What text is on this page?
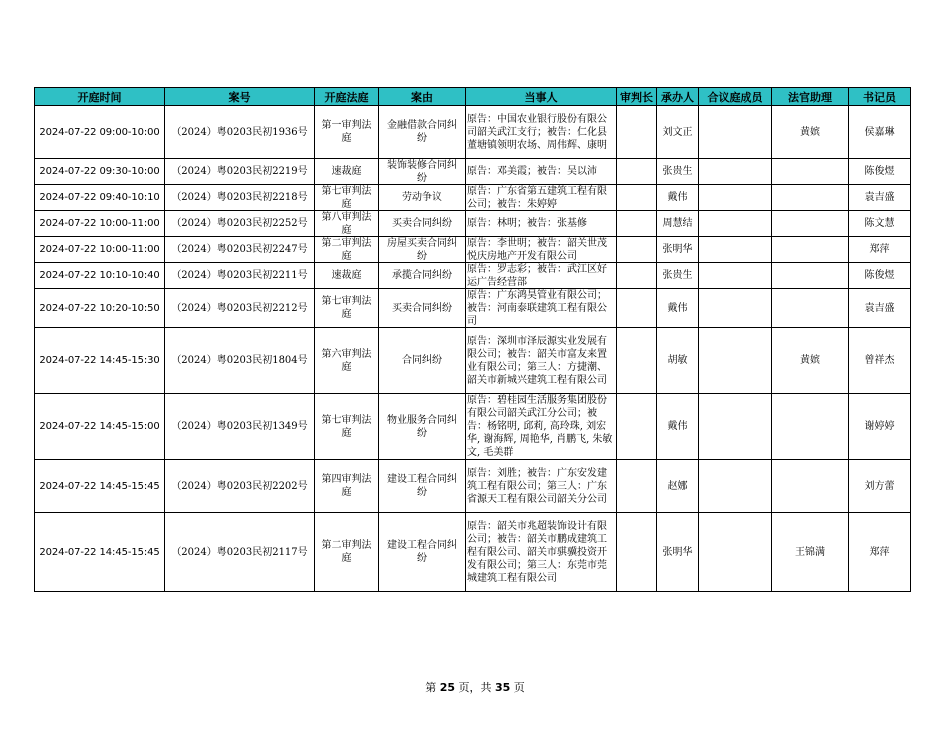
开庭时间	案号	开庭法庭	案由	当事人	审判长	承办人	合议庭成员	法官助理	书记员

2024-07-22 09:00-10:00	（2024）粤0203民初1936号	第一审判法庭	金融借款合同纠纷	原告：中国农业银行股份有限公司韶关武江支行；被告：仁化县董塘镇领明农场、周伟辉、康明		刘文正		黄嫔	侯嘉琳

2024-07-22 09:30-10:00	（2024）粤0203民初2219号	速裁庭	装饰装修合同纠纷	原告：邓美霞；被告：吴以沛		张贵生			陈俊煜

2024-07-22 09:40-10:10	（2024）粤0203民初2218号	第七审判法庭	劳动争议	原告：广东省第五建筑工程有限公司；被告：朱婷婷		戴伟			袁吉盛

2024-07-22 10:00-11:00	（2024）粤0203民初2252号	第八审判法庭	买卖合同纠纷	原告：林明；被告：张基修		周慧结			陈文慧

2024-07-22 10:00-11:00	（2024）粤0203民初2247号	第二审判法庭	房屋买卖合同纠纷	原告：李世明；被告：韶关世茂悦庆房地产开发有限公司		张明华			郑萍

2024-07-22 10:10-10:40	（2024）粤0203民初2211号	速裁庭	承揽合同纠纷	原告：罗志彩；被告：武江区好运广告经营部		张贵生			陈俊煜

2024-07-22 10:20-10:50	（2024）粤0203民初2212号	第七审判法庭	买卖合同纠纷	原告：广东鸿昊管业有限公司；被告：河南泰联建筑工程有限公司		戴伟			袁吉盛

2024-07-22 14:45-15:30	（2024）粤0203民初1804号	第六审判法庭	合同纠纷	原告：深圳市泽辰源实业发展有限公司；被告：韶关市富友来置业有限公司；第三人：方捷潮、韶关市新城兴建筑工程有限公司		胡敏		黄嫔	曾祥杰

2024-07-22 14:45-15:00	（2024）粤0203民初1349号	第七审判法庭	物业服务合同纠纷	原告：碧桂园生活服务集团股份有限公司韶关武江分公司；被告：杨铭明, 邱莉, 高玲珠, 刘宏华, 谢海辉, 周艳华, 肖鹏飞, 朱敏文, 毛美群		戴伟			谢婷婷

2024-07-22 14:45-15:45	（2024）粤0203民初2202号	第四审判法庭	建设工程合同纠纷	原告：刘胜；被告：广东安发建筑工程有限公司；第三人：广东省源天工程有限公司韶关分公司		赵娜			刘方蕾

2024-07-22 14:45-15:45	（2024）粤0203民初2117号	第二审判法庭	建设工程合同纠纷	原告：韶关市兆超装饰设计有限公司；被告：韶关市鹏成建筑工程有限公司、韶关市骐骥投资开发有限公司；第三人：东莞市莞城建筑工程有限公司		张明华		王锦满	郑萍
第 25 页，共 35 页
